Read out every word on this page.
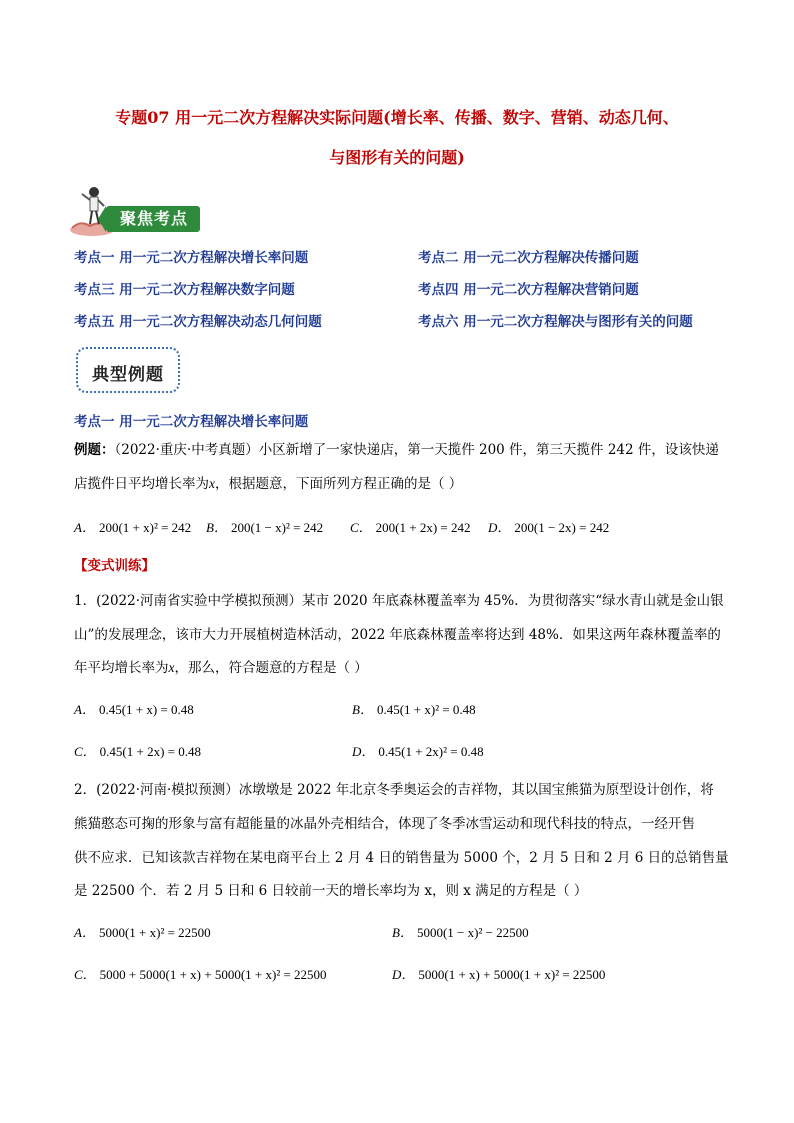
专题07 用一元二次方程解决实际问题(增长率、传播、数字、营销、动态几何、
与图形有关的问题)
聚焦考点
考点一 用一元二次方程解决增长率问题	考点二 用一元二次方程解决传播问题
考点三 用一元二次方程解决数字问题	考点四 用一元二次方程解决营销问题
考点五 用一元二次方程解决动态几何问题	考点六 用一元二次方程解决与图形有关的问题
典型例题
考点一 用一元二次方程解决增长率问题
例题：（2022·重庆·中考真题）小区新增了一家快递店，第一天揽件 200 件，第三天揽件 242 件，设该快递
店揽件日平均增长率为x，根据题意，下面所列方程正确的是（ ）
A． 200(1 + x)² = 242 B． 200(1 − x)² = 242 C． 200(1 + 2x) = 242 D． 200(1 − 2x) = 242
【变式训练】
1．(2022·河南省实验中学模拟预测）某市 2020 年底森林覆盖率为 45%．为贯彻落实“绿水青山就是金山银
山”的发展理念，该市大力开展植树造林活动，2022 年底森林覆盖率将达到 48%．如果这两年森林覆盖率的
年平均增长率为x，那么，符合题意的方程是（ ）
A． 0.45(1 + x) = 0.48	B． 0.45(1 + x)² = 0.48
C． 0.45(1 + 2x) = 0.48	D． 0.45(1 + 2x)² = 0.48
2．(2022·河南·模拟预测）冰墩墩是 2022 年北京冬季奥运会的吉祥物，其以国宝熊猫为原型设计创作，将
熊猫憨态可掬的形象与富有超能量的冰晶外壳相结合，体现了冬季冰雪运动和现代科技的特点，一经开售
供不应求．已知该款吉祥物在某电商平台上 2 月 4 日的销售量为 5000 个，2 月 5 日和 2 月 6 日的总销售量
是 22500 个．若 2 月 5 日和 6 日较前一天的增长率均为 x，则 x 满足的方程是（ ）
A． 5000(1 + x)² = 22500	B． 5000(1 − x)² − 22500
C． 5000 + 5000(1 + x) + 5000(1 + x)² = 22500	D． 5000(1 + x) + 5000(1 + x)² = 22500
